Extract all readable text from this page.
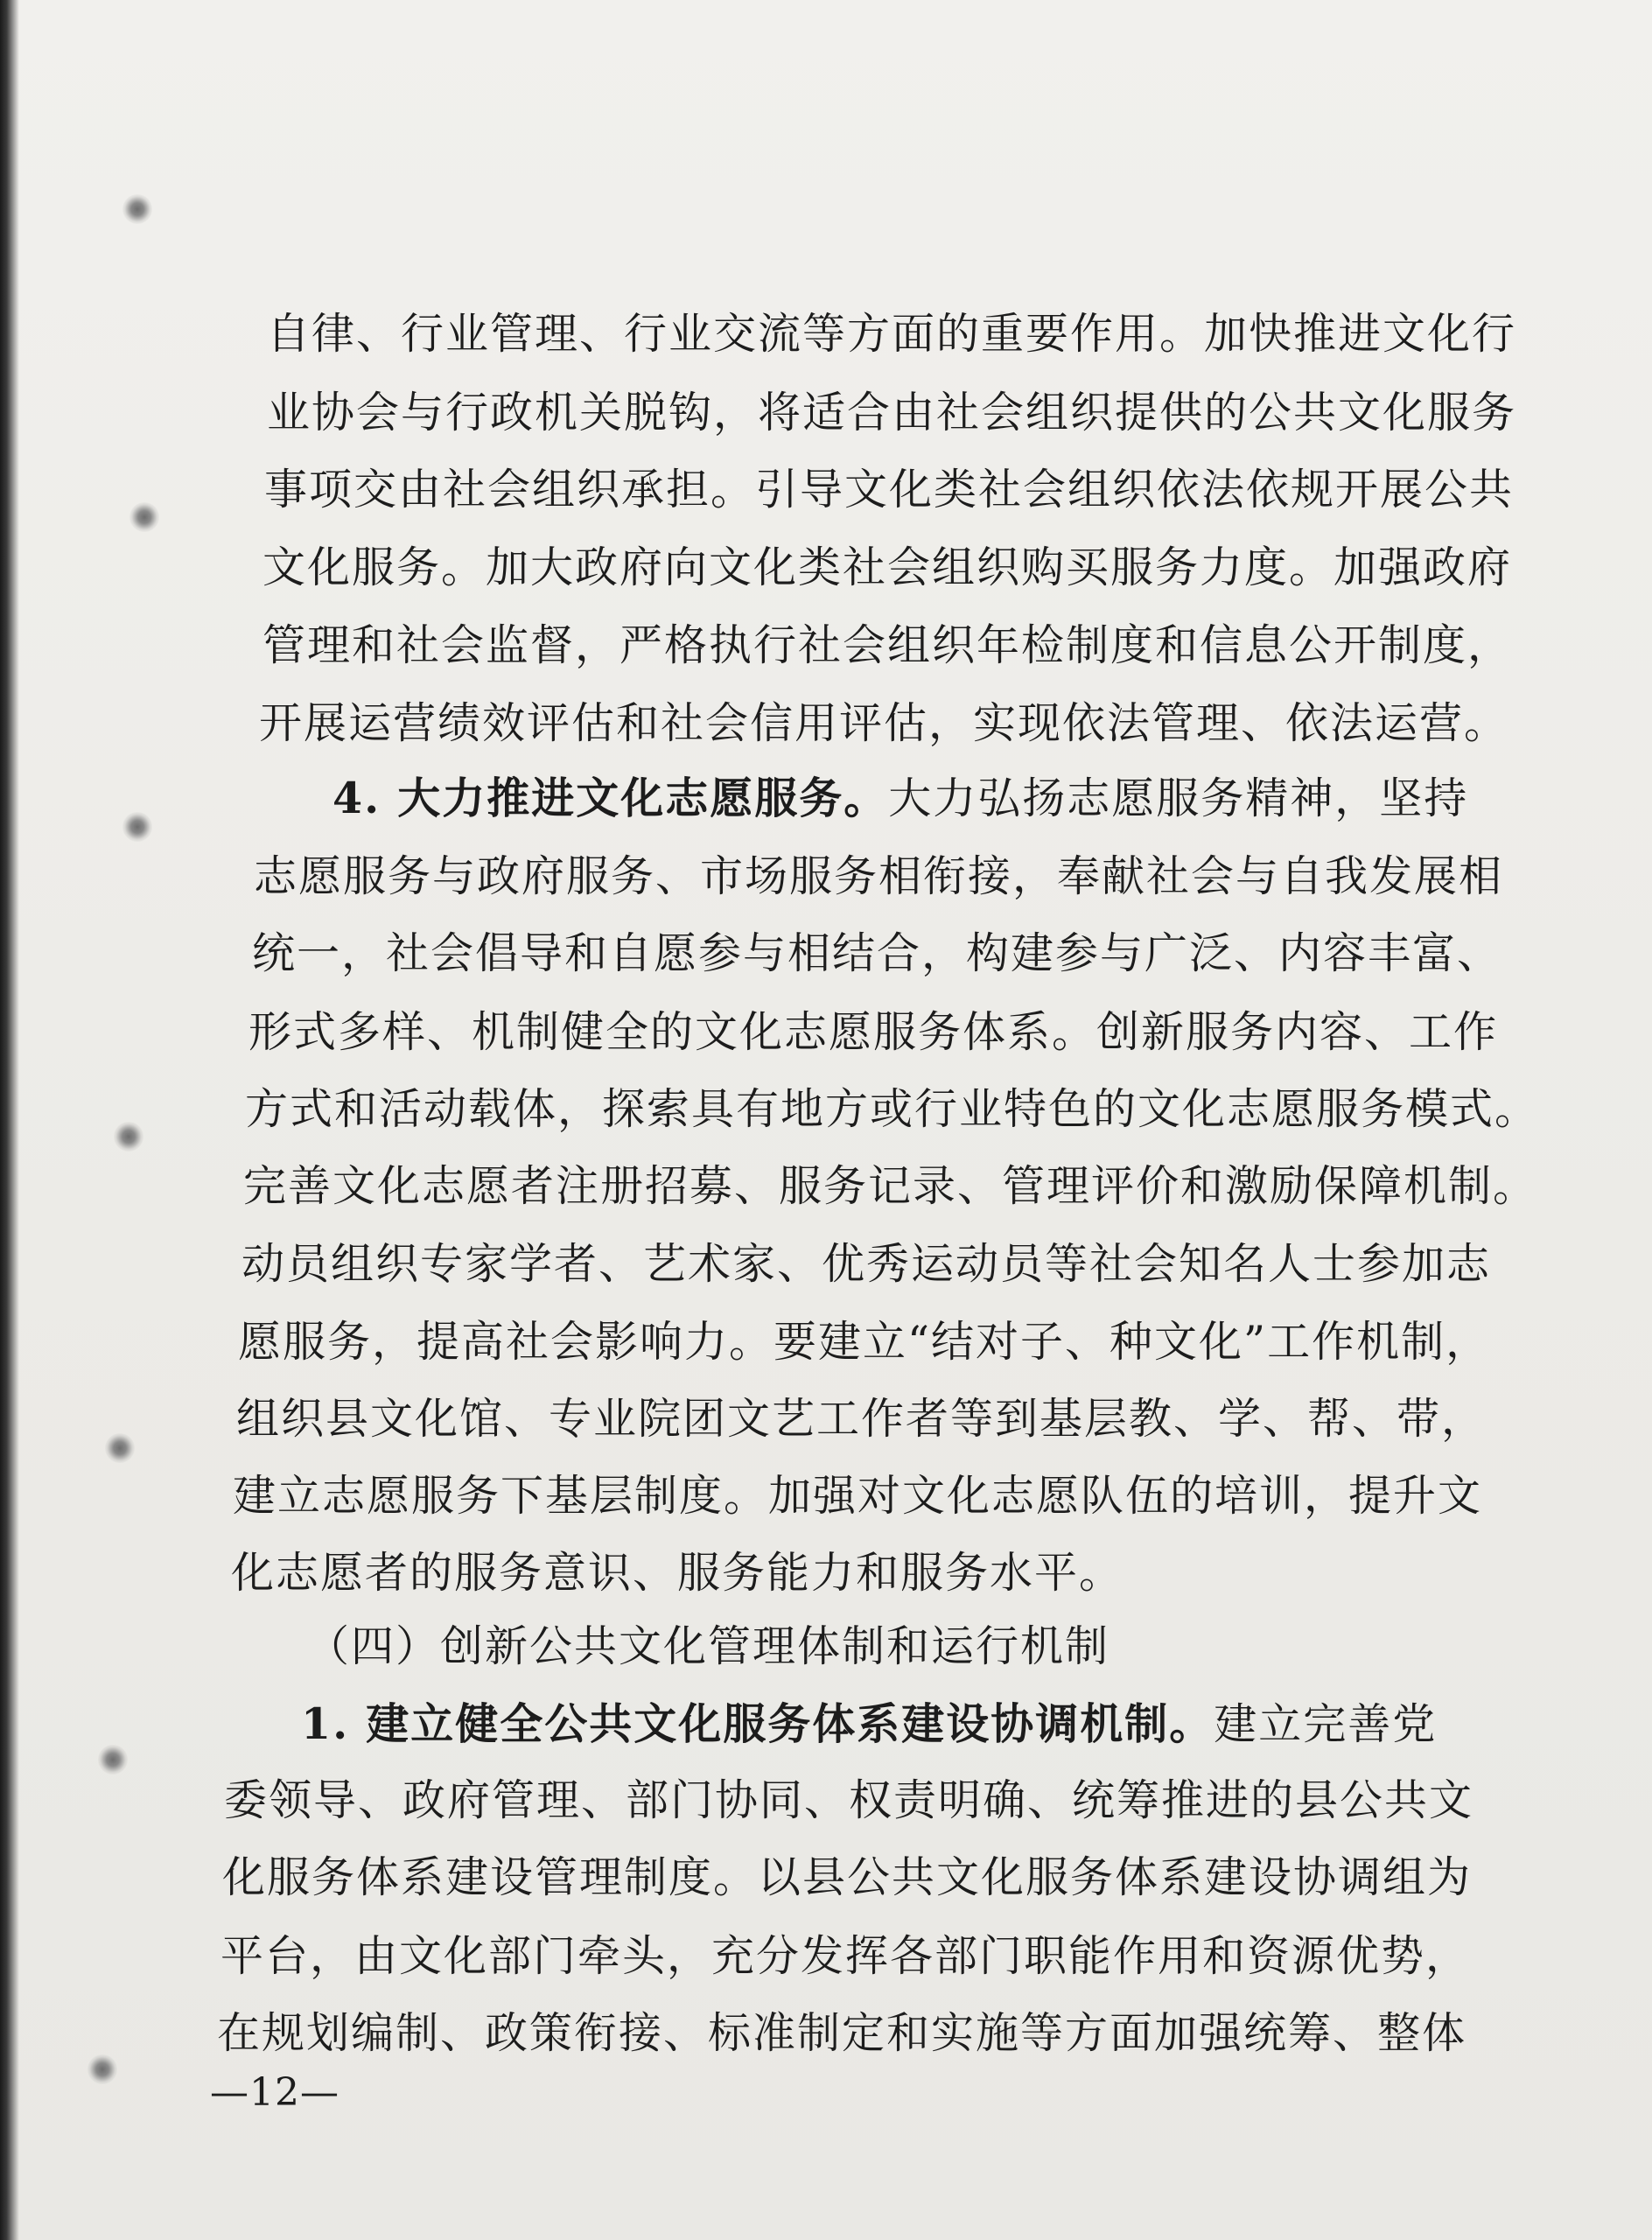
自律、行业管理、行业交流等方面的重要作用。加快推进文化行
业协会与行政机关脱钩，将适合由社会组织提供的公共文化服务
事项交由社会组织承担。引导文化类社会组织依法依规开展公共
文化服务。加大政府向文化类社会组织购买服务力度。加强政府
管理和社会监督，严格执行社会组织年检制度和信息公开制度，
开展运营绩效评估和社会信用评估，实现依法管理、依法运营。
4. 大力推进文化志愿服务。大力弘扬志愿服务精神，坚持
志愿服务与政府服务、市场服务相衔接，奉献社会与自我发展相
统一，社会倡导和自愿参与相结合，构建参与广泛、内容丰富、
形式多样、机制健全的文化志愿服务体系。创新服务内容、工作
方式和活动载体，探索具有地方或行业特色的文化志愿服务模式。
完善文化志愿者注册招募、服务记录、管理评价和激励保障机制。
动员组织专家学者、艺术家、优秀运动员等社会知名人士参加志
愿服务，提高社会影响力。要建立“结对子、种文化”工作机制，
组织县文化馆、专业院团文艺工作者等到基层教、学、帮、带，
建立志愿服务下基层制度。加强对文化志愿队伍的培训，提升文
化志愿者的服务意识、服务能力和服务水平。
（四）创新公共文化管理体制和运行机制
1. 建立健全公共文化服务体系建设协调机制。建立完善党
委领导、政府管理、部门协同、权责明确、统筹推进的县公共文
化服务体系建设管理制度。以县公共文化服务体系建设协调组为
平台，由文化部门牵头，充分发挥各部门职能作用和资源优势，
在规划编制、政策衔接、标准制定和实施等方面加强统筹、整体
—12—
